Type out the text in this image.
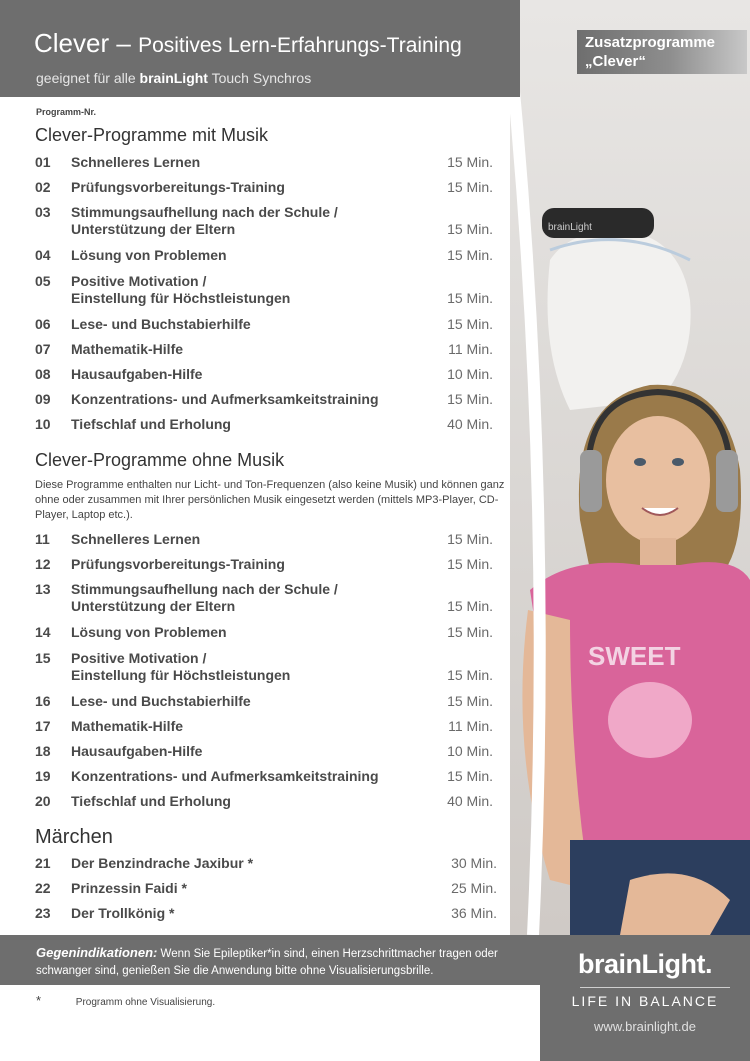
brainLight
SWEET
Clever – Positives Lern-Erfahrungs-Training
geeignet für alle brainLight Touch Synchros
Zusatzprogramme
„Clever“
Programm-Nr.
Clever-Programme mit Musik
01 Schnelleres Lernen	15 Min.
02 Prüfungsvorbereitungs-Training	15 Min.
03 Stimmungsaufhellung nach der Schule /
Unterstützung der Eltern	15 Min.
04 Lösung von Problemen	15 Min.
05 Positive Motivation /
Einstellung für Höchstleistungen	15 Min.
06 Lese- und Buchstabierhilfe	15 Min.
07 Mathematik-Hilfe	11 Min.
08 Hausaufgaben-Hilfe	10 Min.
09 Konzentrations- und Aufmerksamkeitstraining	15 Min.
10 Tiefschlaf und Erholung	40 Min.
Clever-Programme ohne Musik
Diese Programme enthalten nur Licht- und Ton-Frequenzen (also keine Musik) und können ganz ohne oder zusammen mit Ihrer persönlichen Musik eingesetzt werden (mittels MP3-Player, CD-Player, Laptop etc.).
11 Schnelleres Lernen	15 Min.
12 Prüfungsvorbereitungs-Training	15 Min.
13 Stimmungsaufhellung nach der Schule /
Unterstützung der Eltern	15 Min.
14 Lösung von Problemen	15 Min.
15 Positive Motivation /
Einstellung für Höchstleistungen	15 Min.
16 Lese- und Buchstabierhilfe	15 Min.
17 Mathematik-Hilfe	11 Min.
18 Hausaufgaben-Hilfe	10 Min.
19 Konzentrations- und Aufmerksamkeitstraining	15 Min.
20 Tiefschlaf und Erholung	40 Min.
Märchen
21 Der Benzindrache Jaxibur *	30 Min.
22 Prinzessin Faidi *	25 Min.
23 Der Trollkönig *	36 Min.
Gegenindikationen: Wenn Sie Epileptiker*in sind, einen Herzschrittmacher tragen oder schwanger sind, genießen Sie die Anwendung bitte ohne Visualisierungsbrille.
*	Programm ohne Visualisierung.
brainLight.
LIFE IN BALANCE
www.brainlight.de
